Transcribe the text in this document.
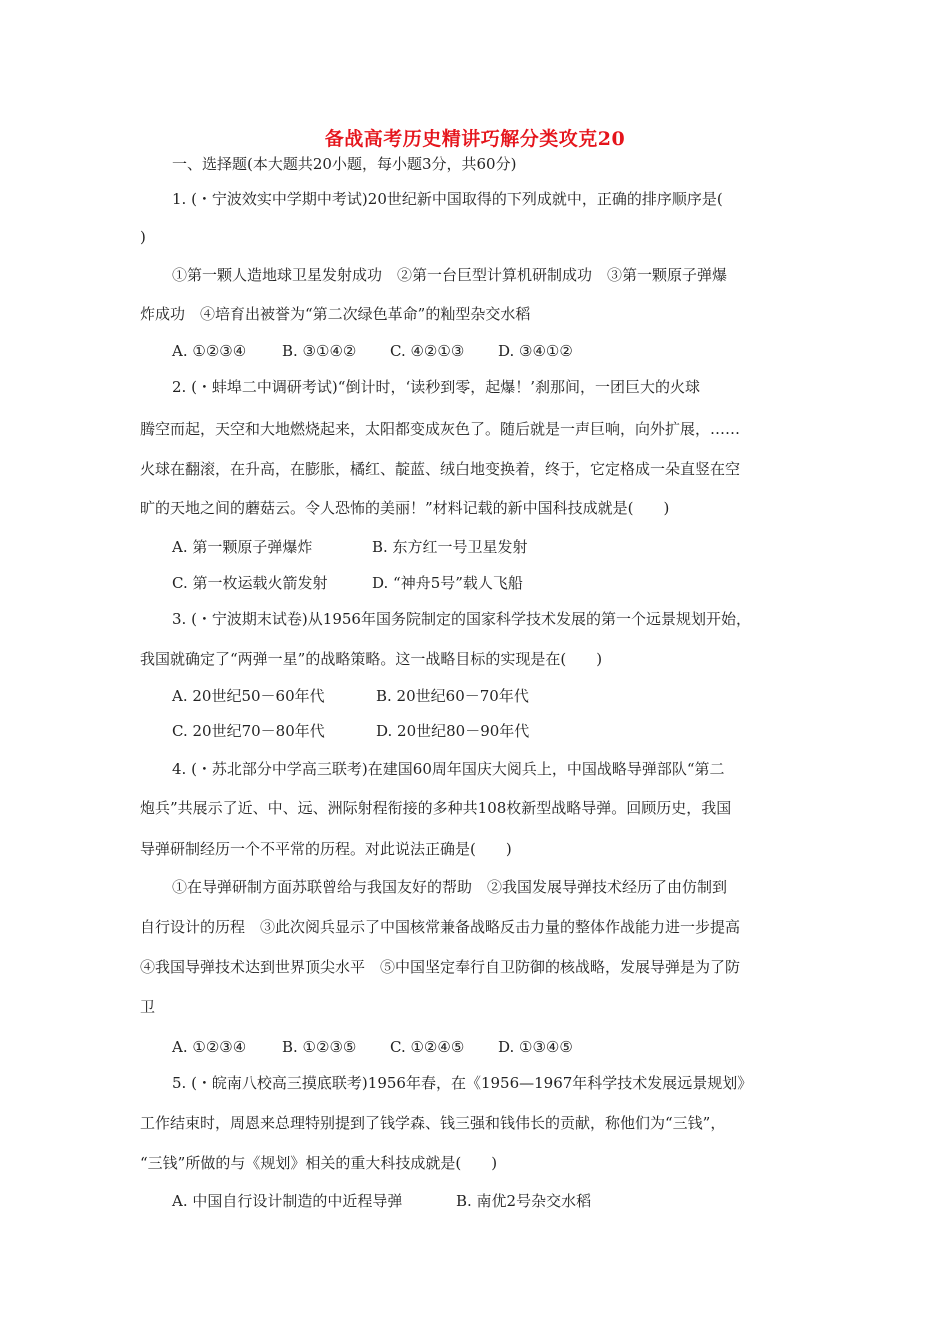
备战高考历史精讲巧解分类攻克20
一、选择题(本大题共20小题，每小题3分，共60分)
1. (・宁波效实中学期中考试)20世纪新中国取得的下列成就中，正确的排序顺序是(
)
①第一颗人造地球卫星发射成功　②第一台巨型计算机研制成功　③第一颗原子弹爆
炸成功　④培育出被誉为“第二次绿色革命”的籼型杂交水稻
A. ①②③④ B. ③①④② C. ④②①③ D. ③④①②
2. (・蚌埠二中调研考试)“倒计时，‘读秒到零，起爆！’刹那间，一团巨大的火球
腾空而起，天空和大地燃烧起来，太阳都变成灰色了。随后就是一声巨响，向外扩展，……
火球在翻滚，在升高，在膨胀，橘红、靛蓝、绒白地变换着，终于，它定格成一朵直竖在空
旷的天地之间的蘑菇云。令人恐怖的美丽！”材料记载的新中国科技成就是(　　)
A. 第一颗原子弹爆炸	B. 东方红一号卫星发射
C. 第一枚运载火箭发射	D. “神舟5号”载人飞船
3. (・宁波期末试卷)从1956年国务院制定的国家科学技术发展的第一个远景规划开始，
我国就确定了“两弹一星”的战略策略。这一战略目标的实现是在(　　)
A. 20世纪50－60年代	B. 20世纪60－70年代
C. 20世纪70－80年代	D. 20世纪80－90年代
4. (・苏北部分中学高三联考)在建国60周年国庆大阅兵上，中国战略导弹部队“第二
炮兵”共展示了近、中、远、洲际射程衔接的多种共108枚新型战略导弹。回顾历史，我国
导弹研制经历一个不平常的历程。对此说法正确是(　　)
①在导弹研制方面苏联曾给与我国友好的帮助　②我国发展导弹技术经历了由仿制到
自行设计的历程　③此次阅兵显示了中国核常兼备战略反击力量的整体作战能力进一步提高
④我国导弹技术达到世界顶尖水平　⑤中国坚定奉行自卫防御的核战略，发展导弹是为了防
卫
A. ①②③④ B. ①②③⑤ C. ①②④⑤ D. ①③④⑤
5. (・皖南八校高三摸底联考)1956年春，在《1956—1967年科学技术发展远景规划》
工作结束时，周恩来总理特别提到了钱学森、钱三强和钱伟长的贡献，称他们为“三钱”，
“三钱”所做的与《规划》相关的重大科技成就是(　　)
A. 中国自行设计制造的中近程导弹	B. 南优2号杂交水稻
